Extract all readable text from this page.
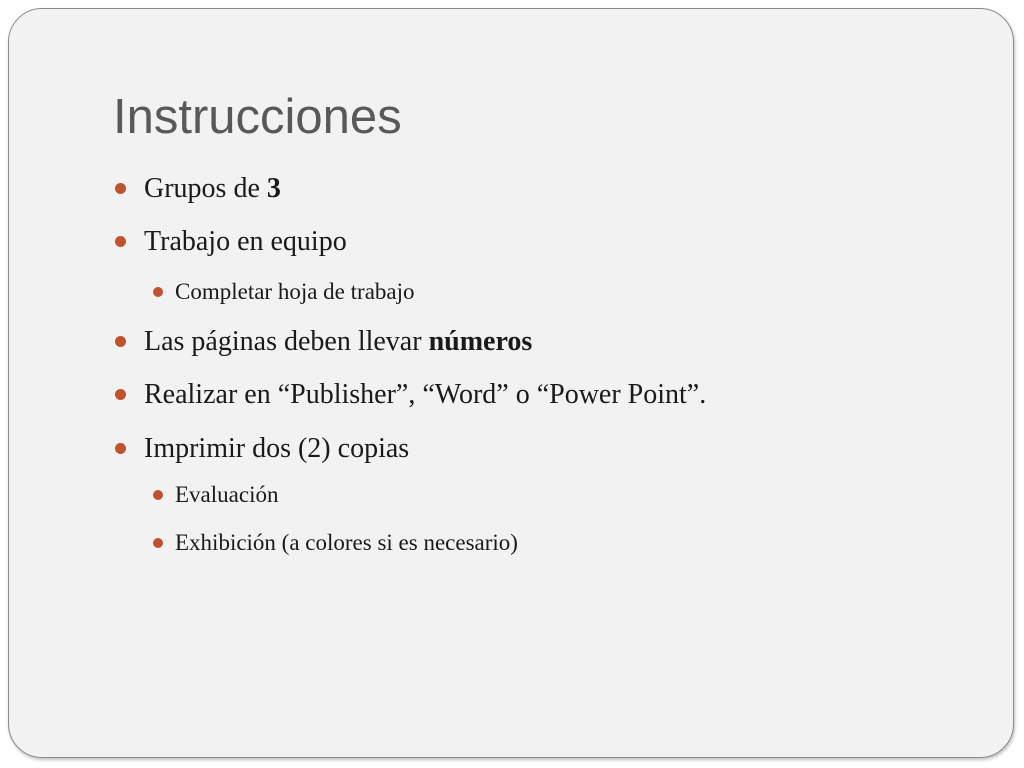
Instrucciones
Grupos de 3
Trabajo en equipo
Completar hoja de trabajo
Las páginas deben llevar números
Realizar en “Publisher”, “Word” o “Power Point”.
Imprimir dos (2) copias
Evaluación
Exhibición (a colores si es necesario)
